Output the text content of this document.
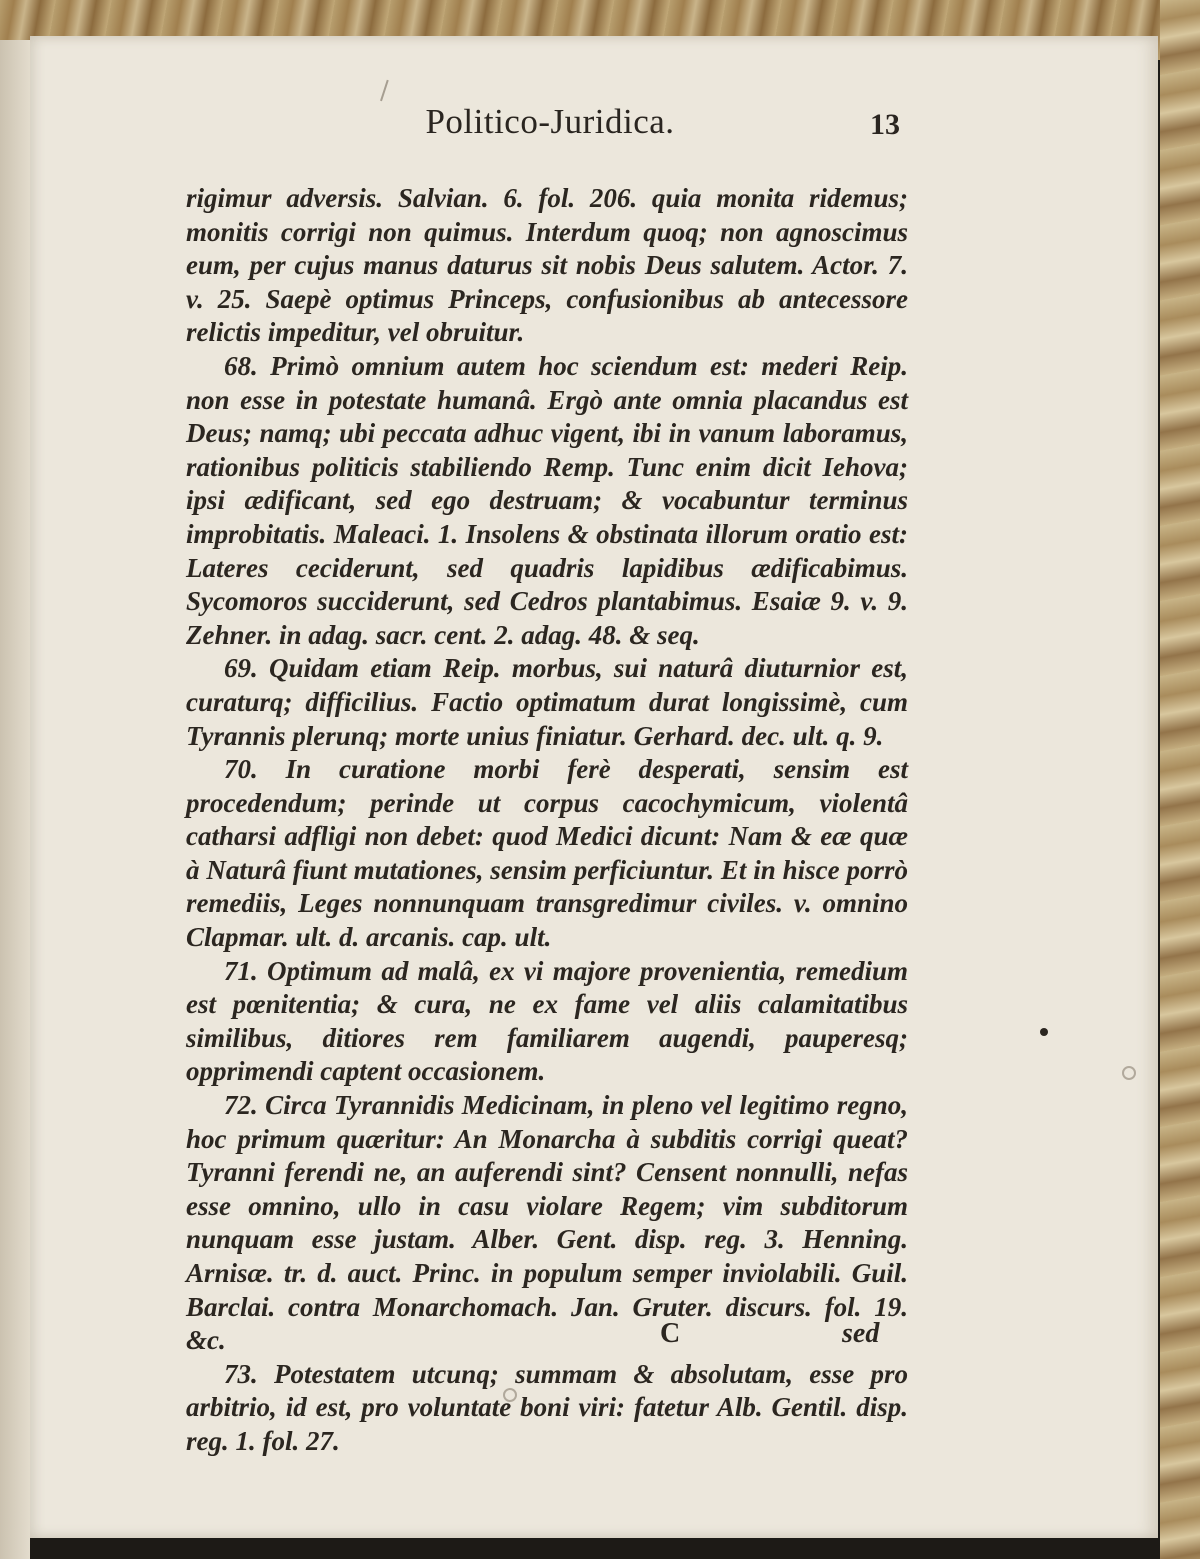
Politico-Juridica.	13

rigimur adversis. Salvian. 6. fol. 206. quia monita ridemus; monitis corrigi non quimus. Interdum quoq; non agnoscimus eum, per cujus manus daturus sit nobis Deus salutem. Actor. 7. v. 25. Saepè optimus Princeps, confusionibus ab antecessore relictis impeditur, vel obruitur.

68. Primò omnium autem hoc sciendum est: mederi Reip. non esse in potestate humanâ. Ergò ante omnia placandus est Deus; namq; ubi peccata adhuc vigent, ibi in vanum laboramus, rationibus politicis stabiliendo Remp. Tunc enim dicit Iehova; ipsi ædificant, sed ego destruam; & vocabuntur terminus improbitatis. Maleaci. 1. Insolens & obstinata illorum oratio est: Lateres ceciderunt, sed quadris lapidibus ædificabimus. Sycomoros succiderunt, sed Cedros plantabimus. Esaiæ 9. v. 9. Zehner. in adag. sacr. cent. 2. adag. 48. & seq.

69. Quidam etiam Reip. morbus, sui naturâ diuturnior est, curaturq; difficilius. Factio optimatum durat longissimè, cum Tyrannis plerunq; morte unius finiatur. Gerhard. dec. ult. q. 9.

70. In curatione morbi ferè desperati, sensim est procedendum; perinde ut corpus cacochymicum, violentâ catharsi adfligi non debet: quod Medici dicunt: Nam & eæ quæ à Naturâ fiunt mutationes, sensim perficiuntur. Et in hisce porrò remediis, Leges nonnunquam transgredimur civiles. v. omnino Clapmar. ult. d. arcanis. cap. ult.

71. Optimum ad malâ, ex vi majore provenientia, remedium est pœnitentia; & cura, ne ex fame vel aliis calamitatibus similibus, ditiores rem familiarem augendi, pauperesq; opprimendi captent occasionem.

72. Circa Tyrannidis Medicinam, in pleno vel legitimo regno, hoc primum quæritur: An Monarcha à subditis corrigi queat? Tyranni ferendi ne, an auferendi sint? Censent nonnulli, nefas esse omnino, ullo in casu violare Regem; vim subditorum nunquam esse justam. Alber. Gent. disp. reg. 3. Henning. Arnisæ. tr. d. auct. Princ. in populum semper inviolabili. Guil. Barclai. contra Monarchomach. Jan. Gruter. discurs. fol. 19. &c.

73. Potestatem utcunq; summam & absolutam, esse pro arbitrio, id est, pro voluntate boni viri: fatetur Alb. Gentil. disp. reg. 1. fol. 27.

C	sed
